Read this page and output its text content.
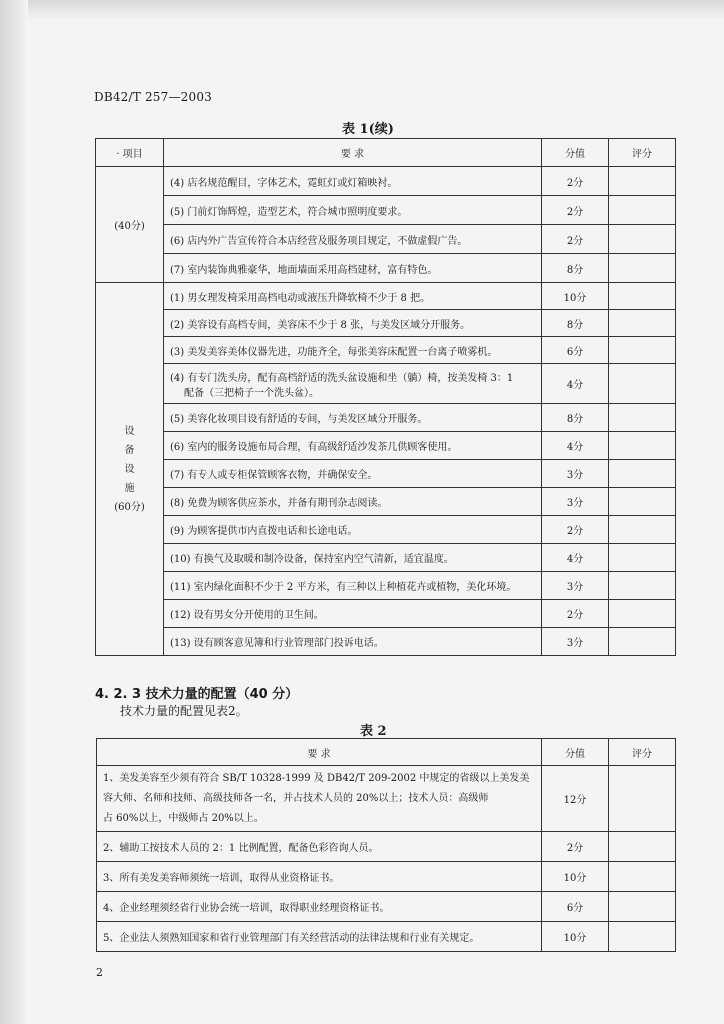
DB42/T 257—2003
表 1(续)
· 项目	要 求	分值	评分
(40分)	(4) 店名规范醒目，字体艺术，霓虹灯或灯箱映衬。	2分	
	(5) 门前灯饰辉煌，造型艺术，符合城市照明度要求。	2分	
	(6) 店内外广告宣传符合本店经营及服务项目规定，不做虚假广告。	2分	
	(7) 室内装饰典雅豪华，地面墙面采用高档建材，富有特色。	8分	

设
备
设
施
(60分)	(1) 男女理发椅采用高档电动或液压升降软椅不少于 8 把。	10分	
	(2) 美容设有高档专间，美容床不少于 8 张，与美发区域分开服务。	8分	
	(3) 美发美容美体仪器先进，功能齐全，每张美容床配置一台离子喷雾机。	6分	

	(4) 有专门洗头房，配有高档舒适的洗头盆设施和坐（躺）椅，按美发椅 3：1
配备（三把椅子一个洗头盆）。	4分	
	(5) 美容化妆项目设有舒适的专间，与美发区域分开服务。	8分	
	(6) 室内的服务设施布局合理，有高级舒适沙发茶几供顾客使用。	4分	
	(7) 有专人或专柜保管顾客衣物，并确保安全。	3分	
	(8) 免费为顾客供应茶水，并备有期刊杂志阅读。	3分	
	(9) 为顾客提供市内直拨电话和长途电话。	2分	
	(10) 有换气及取暖和制冷设备，保持室内空气清新，适宜温度。	4分	
	(11) 室内绿化面积不少于 2 平方米，有三种以上种植花卉或植物，美化环境。	3分	
	(12) 设有男女分开使用的卫生间。	2分	
	(13) 设有顾客意见簿和行业管理部门投诉电话。	3分	
4. 2. 3 技术力量的配置（40 分）
技术力量的配置见表2。
表 2
要 求	分值	评分

1、美发美容至少须有符合 SB/T 10328-1999 及 DB42/T 209-2002 中规定的省级以上美发美
容大师、名师和技师、高级技师各一名，并占技术人员的 20%以上；技术人员：高级师
占 60%以上，中级师占 20%以上。	12分	
2、辅助工按技术人员的 2：1 比例配置，配备色彩咨询人员。	2分	
3、所有美发美容师须统一培训，取得从业资格证书。	10分	
4、企业经理须经省行业协会统一培训，取得职业经理资格证书。	6分	
5、企业法人须熟知国家和省行业管理部门有关经营活动的法律法规和行业有关规定。	10分	
2
